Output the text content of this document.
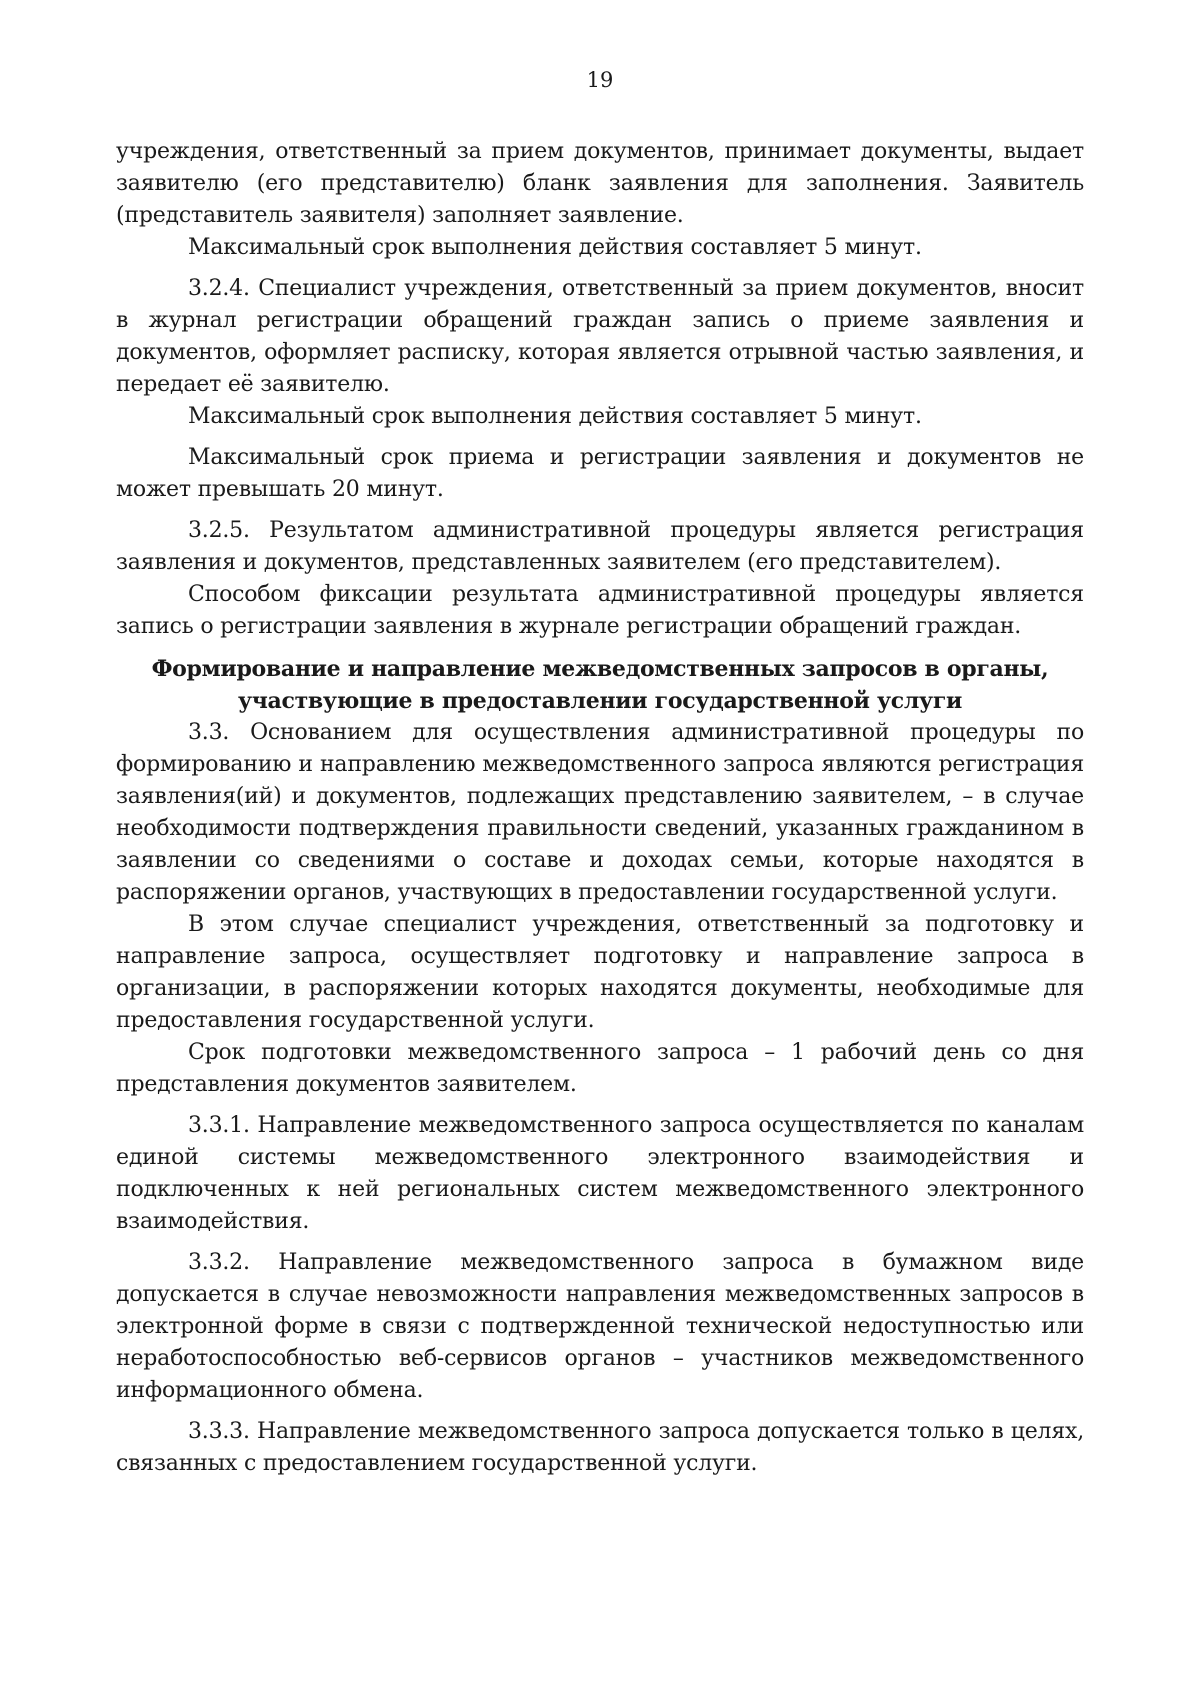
19

учреждения, ответственный за прием документов, принимает документы, выдает заявителю (его представителю) бланк заявления для заполнения. Заявитель (представитель заявителя) заполняет заявление.

Максимальный срок выполнения действия составляет 5 минут.

3.2.4. Специалист учреждения, ответственный за прием документов, вносит в журнал регистрации обращений граждан запись о приеме заявления и документов, оформляет расписку, которая является отрывной частью заявления, и передает её заявителю.

Максимальный срок выполнения действия составляет 5 минут.

Максимальный срок приема и регистрации заявления и документов не может превышать 20 минут.

3.2.5. Результатом административной процедуры является регистрация заявления и документов, представленных заявителем (его представителем).

Способом фиксации результата административной процедуры является запись о регистрации заявления в журнале регистрации обращений граждан.

Формирование и направление межведомственных запросов в органы,
участвующие в предоставлении государственной услуги

3.3. Основанием для осуществления административной процедуры по формированию и направлению межведомственного запроса являются регистрация заявления(ий) и документов, подлежащих представлению заявителем, – в случае необходимости подтверждения правильности сведений, указанных гражданином в заявлении со сведениями о составе и доходах семьи, которые находятся в распоряжении органов, участвующих в предоставлении государственной услуги.

В этом случае специалист учреждения, ответственный за подготовку и направление запроса, осуществляет подготовку и направление запроса в организации, в распоряжении которых находятся документы, необходимые для предоставления государственной услуги.

Срок подготовки межведомственного запроса – 1 рабочий день со дня представления документов заявителем.

3.3.1. Направление межведомственного запроса осуществляется по каналам единой системы межведомственного электронного взаимодействия и подключенных к ней региональных систем межведомственного электронного взаимодействия.

3.3.2. Направление межведомственного запроса в бумажном виде допускается в случае невозможности направления межведомственных запросов в электронной форме в связи с подтвержденной технической недоступностью или неработоспособностью веб-сервисов органов – участников межведомственного информационного обмена.

3.3.3. Направление межведомственного запроса допускается только в целях, связанных с предоставлением государственной услуги.
